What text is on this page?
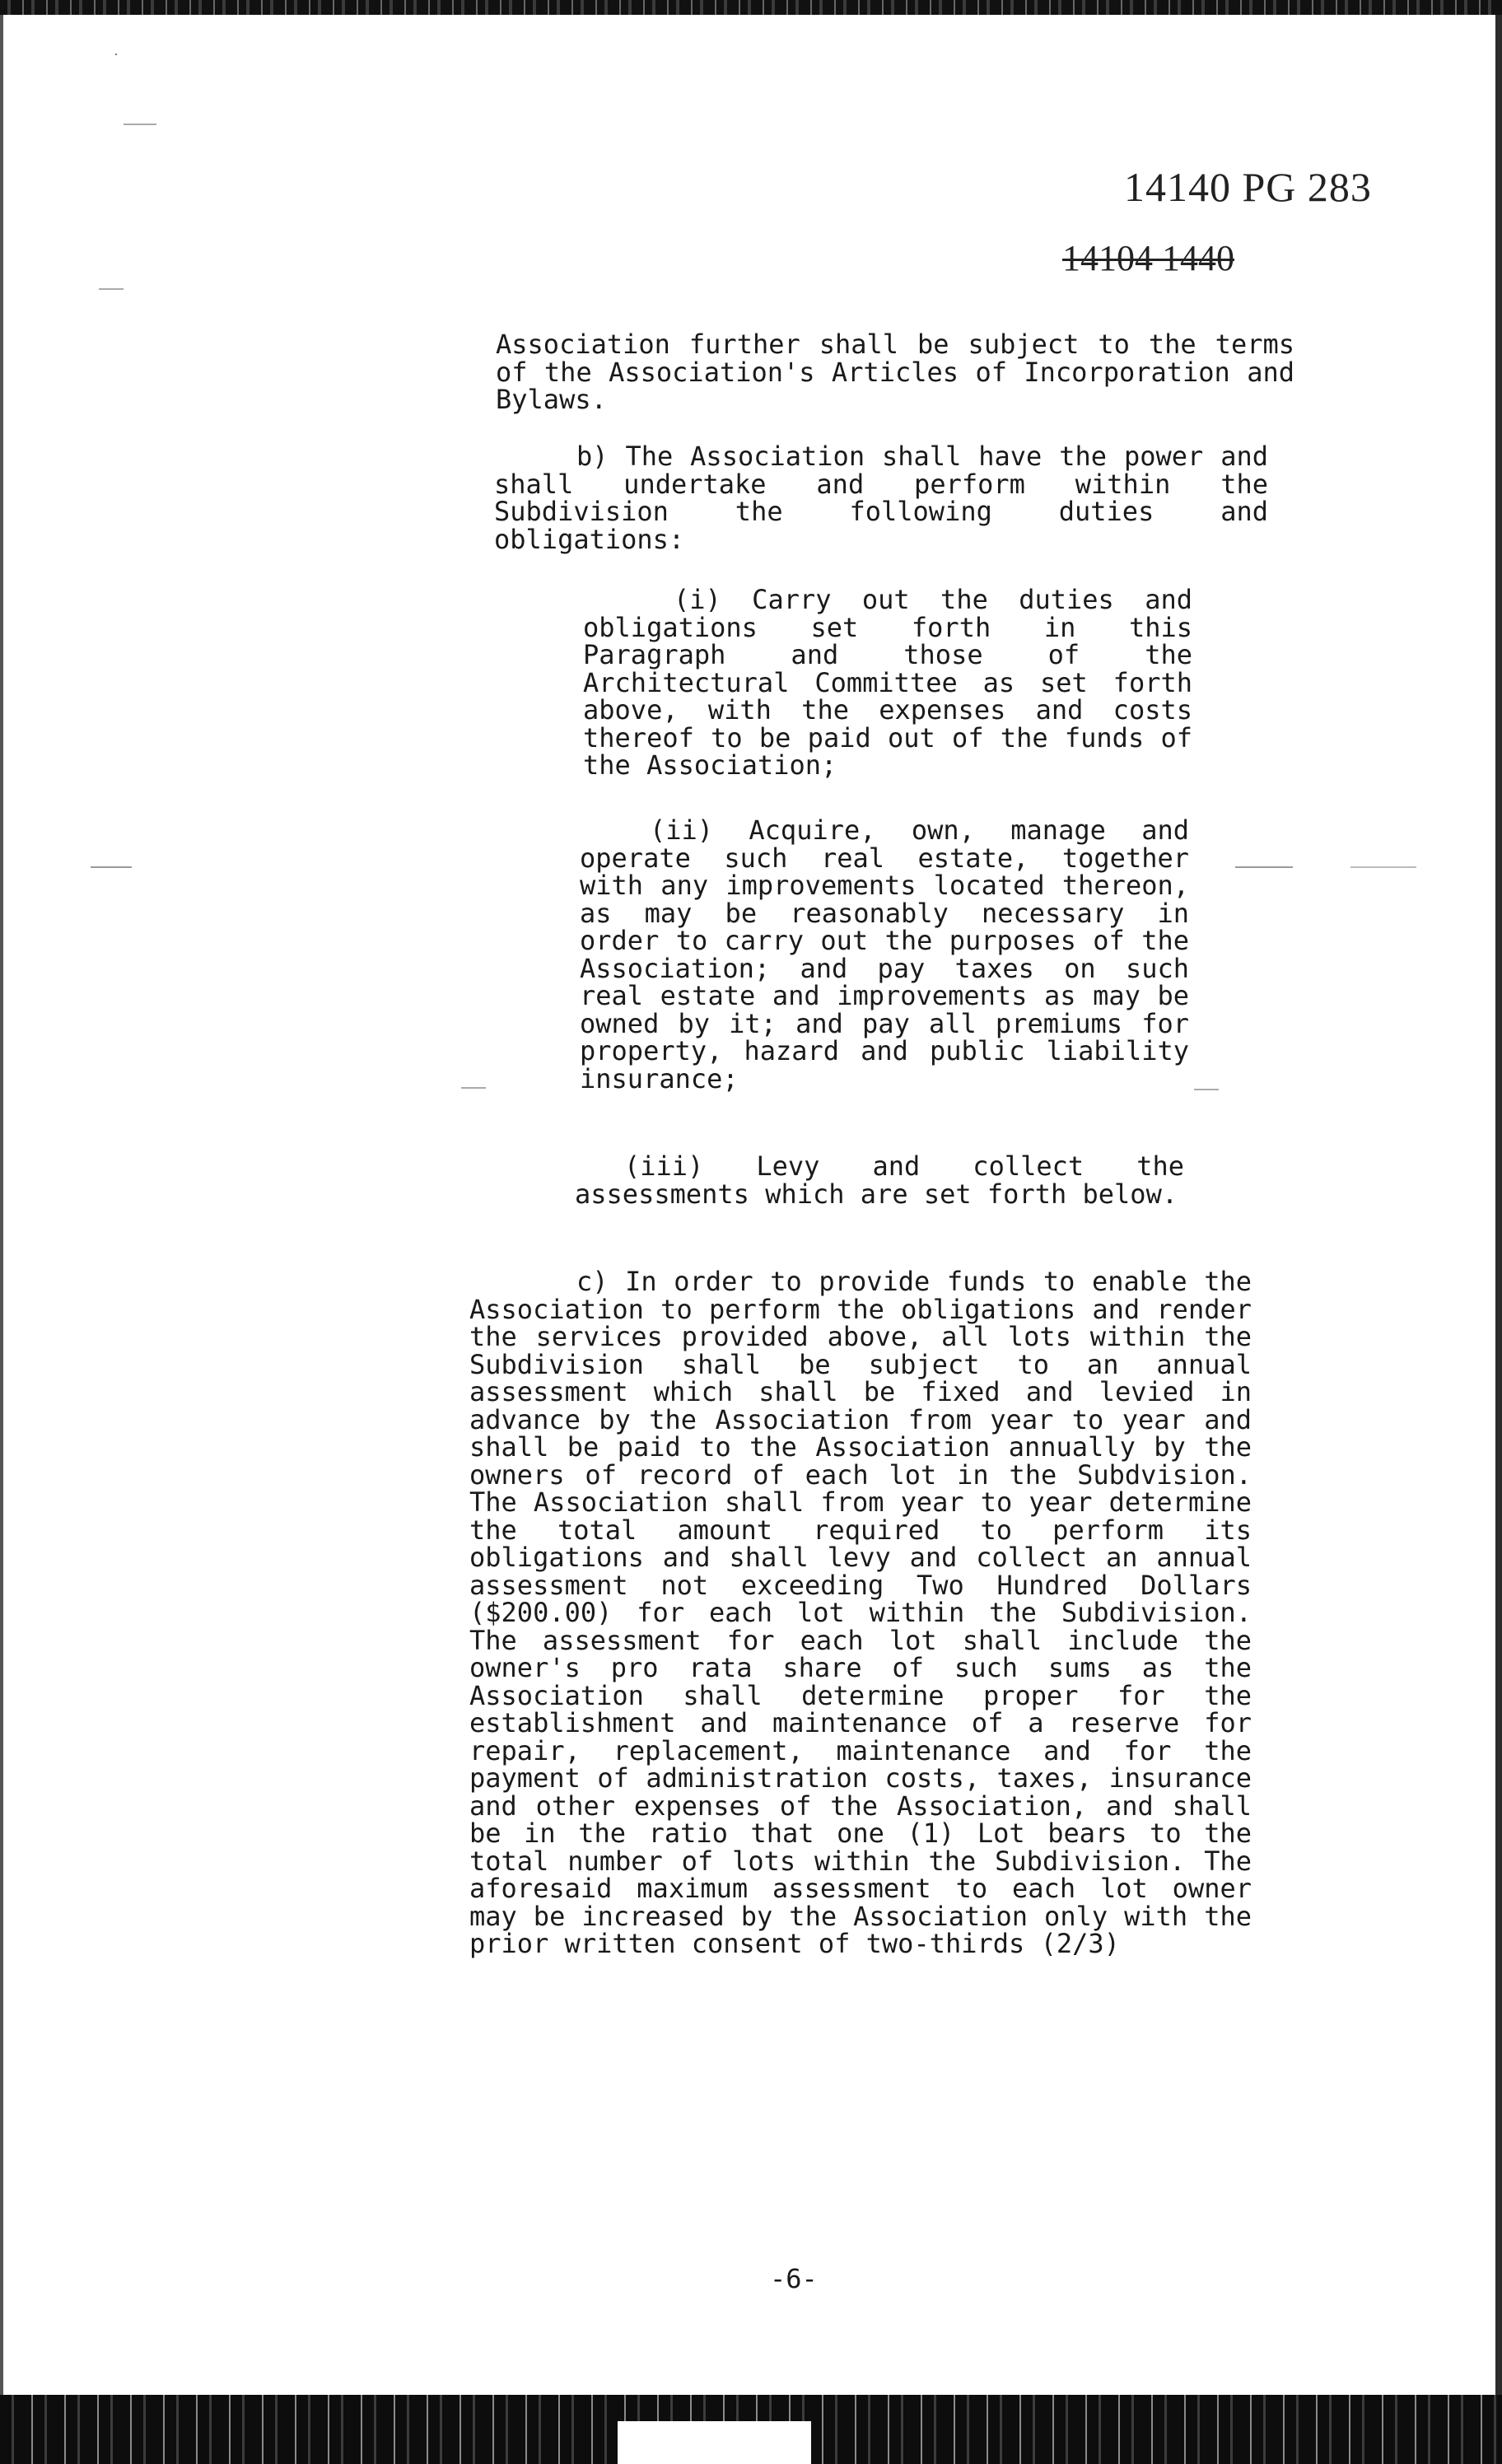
14140 PG 283
14104 1440

Association further shall be subject to the terms of the Association's Articles of Incorporation and Bylaws.

b) The Association shall have the power and shall undertake and perform within the Subdivision the following duties and obligations:

(i) Carry out the duties and obligations set forth in this Paragraph and those of the Architectural Committee as set forth above, with the expenses and costs thereof to be paid out of the funds of the Association;

(ii) Acquire, own, manage and operate such real estate, together with any improvements located thereon, as may be reasonably necessary in order to carry out the purposes of the Association; and pay taxes on such real estate and improvements as may be owned by it; and pay all premiums for property, hazard and public liability insurance;

(iii) Levy and collect the assessments which are set forth below.

c) In order to provide funds to enable the Association to perform the obligations and render the services provided above, all lots within the Subdivision shall be subject to an annual assessment which shall be fixed and levied in advance by the Association from year to year and shall be paid to the Association annually by the owners of record of each lot in the Subdvision. The Association shall from year to year determine the total amount required to perform its obligations and shall levy and collect an annual assessment not exceeding Two Hundred Dollars ($200.00) for each lot within the Subdivision. The assessment for each lot shall include the owner's pro rata share of such sums as the Association shall determine proper for the establishment and maintenance of a reserve for repair, replacement, maintenance and for the payment of administration costs, taxes, insurance and other expenses of the Association, and shall be in the ratio that one (1) Lot bears to the total number of lots within the Subdivision. The aforesaid maximum assessment to each lot owner may be increased by the Association only with the prior written consent of two-thirds (2/3)

-6-
